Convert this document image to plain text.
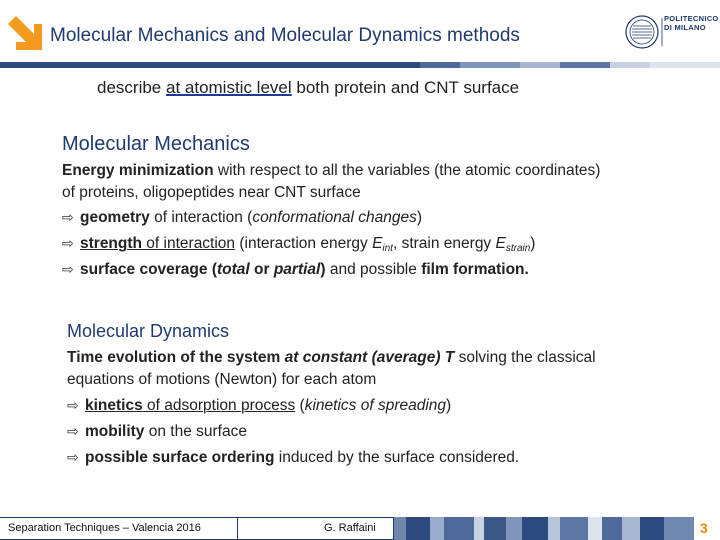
Molecular Mechanics and Molecular Dynamics methods
POLITECNICO
DI MILANO
describe at atomistic level both protein and CNT surface
Molecular Mechanics
Energy minimization with respect to all the variables (the atomic coordinates)
of proteins, oligopeptides near CNT surface
⇨ geometry of interaction (conformational changes)
⇨ strength of interaction (interaction energy $E_{int}$, strain energy $E_{strain}$)
⇨ surface coverage (total or partial) and possible film formation.
Molecular Dynamics
Time evolution of the system at constant (average) T solving the classical
equations of motions (Newton) for each atom
⇨ kinetics of adsorption process (kinetics of spreading)
⇨ mobility on the surface
⇨ possible surface ordering induced by the surface considered.
Separation Techniques – Valencia 2016	G. Raffaini	3
